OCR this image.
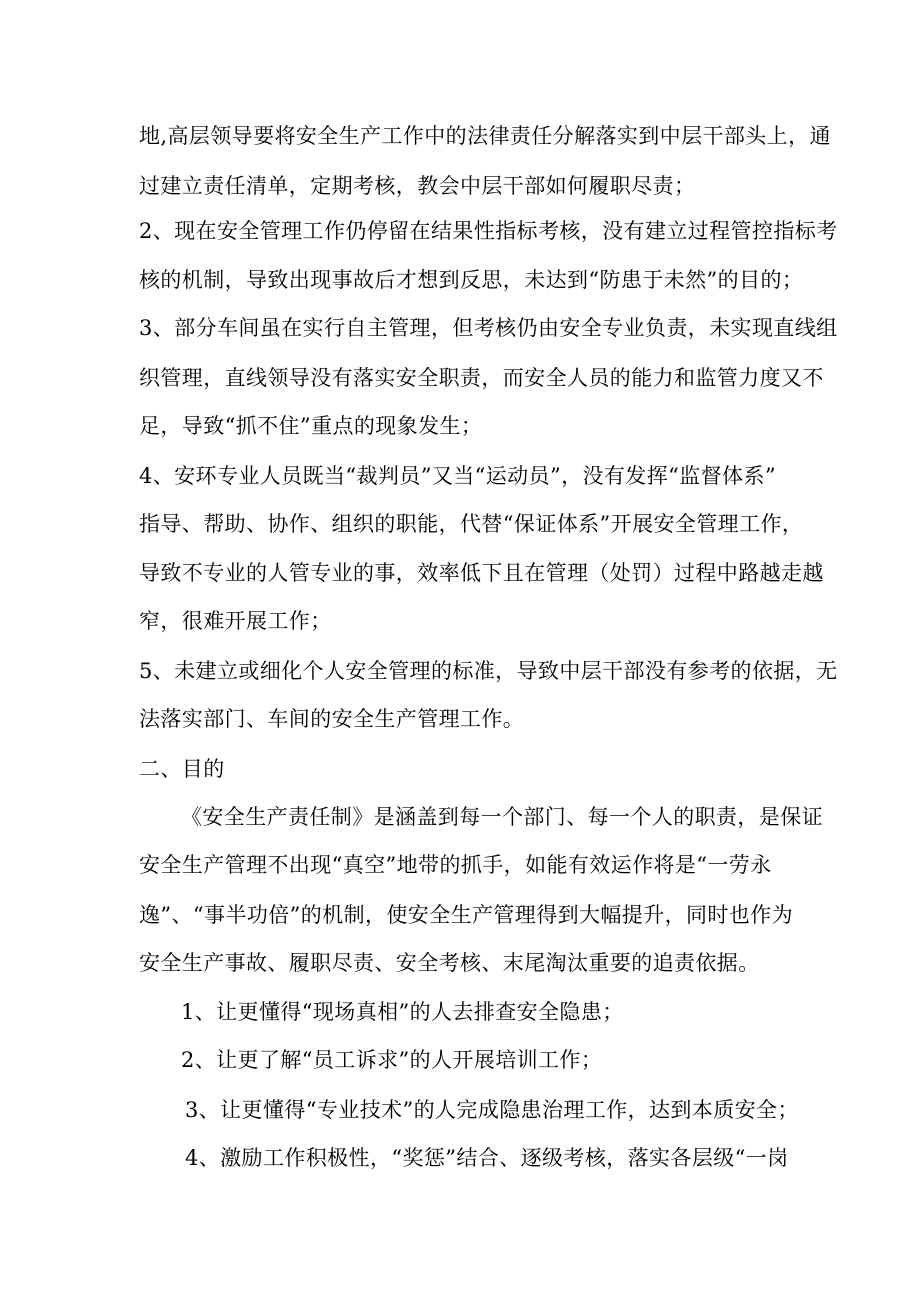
地,高层领导要将安全生产工作中的法律责任分解落实到中层干部头上，通
过建立责任清单，定期考核，教会中层干部如何履职尽责；
2、现在安全管理工作仍停留在结果性指标考核，没有建立过程管控指标考
核的机制，导致出现事故后才想到反思，未达到“防患于未然”的目的；
3、部分车间虽在实行自主管理，但考核仍由安全专业负责，未实现直线组
织管理，直线领导没有落实安全职责，而安全人员的能力和监管力度又不
足，导致“抓不住”重点的现象发生；
4、安环专业人员既当“裁判员”又当“运动员”，没有发挥“监督体系”
指导、帮助、协作、组织的职能，代替“保证体系”开展安全管理工作，
导致不专业的人管专业的事，效率低下且在管理（处罚）过程中路越走越
窄，很难开展工作；
5、未建立或细化个人安全管理的标准，导致中层干部没有参考的依据，无
法落实部门、车间的安全生产管理工作。
二、目的
《安全生产责任制》是涵盖到每一个部门、每一个人的职责，是保证
安全生产管理不出现“真空”地带的抓手，如能有效运作将是“一劳永
逸”、“事半功倍”的机制，使安全生产管理得到大幅提升，同时也作为
安全生产事故、履职尽责、安全考核、末尾淘汰重要的追责依据。
1、让更懂得“现场真相”的人去排查安全隐患；
2、让更了解“员工诉求”的人开展培训工作；
3、让更懂得“专业技术”的人完成隐患治理工作，达到本质安全；
4、激励工作积极性，“奖惩”结合、逐级考核，落实各层级“一岗
